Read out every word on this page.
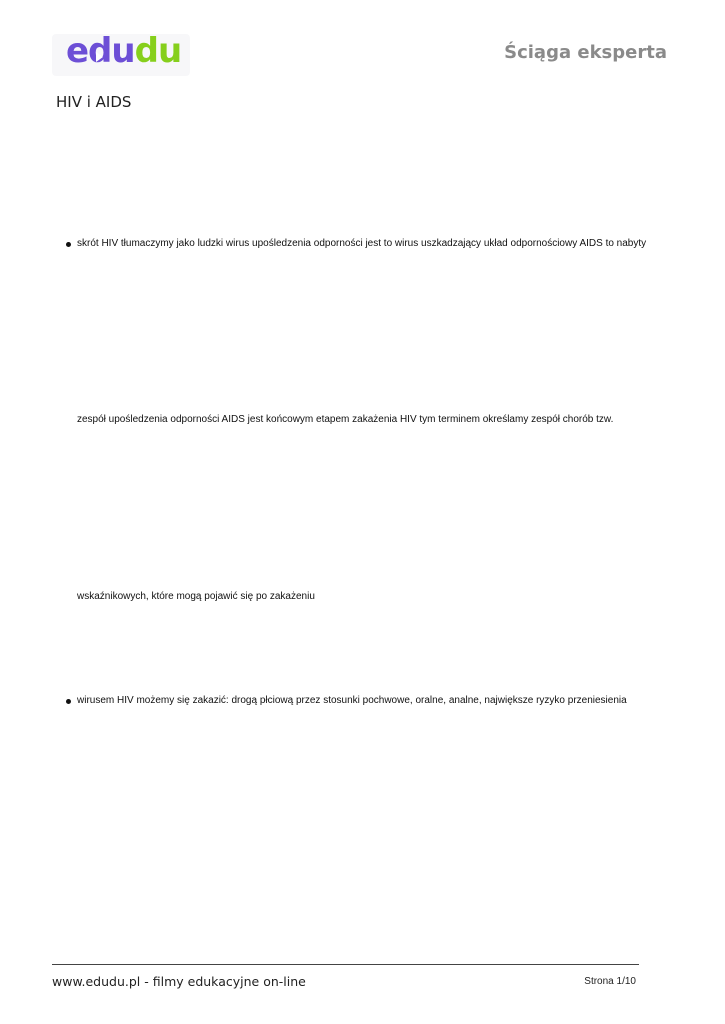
edudu	Ściąga eksperta
HIV i AIDS
skrót HIV tłumaczymy jako ludzki wirus upośledzenia odporności jest to wirus uszkadzający układ odpornościowy AIDS to nabyty
zespół upośledzenia odporności AIDS jest końcowym etapem zakażenia HIV tym terminem określamy zespół chorób tzw.
wskaźnikowych, które mogą pojawić się po zakażeniu
wirusem HIV możemy się zakazić: drogą płciową przez stosunki pochwowe, oralne, analne, największe ryzyko przeniesienia
www.edudu.pl - filmy edukacyjne on-line	Strona 1/10
